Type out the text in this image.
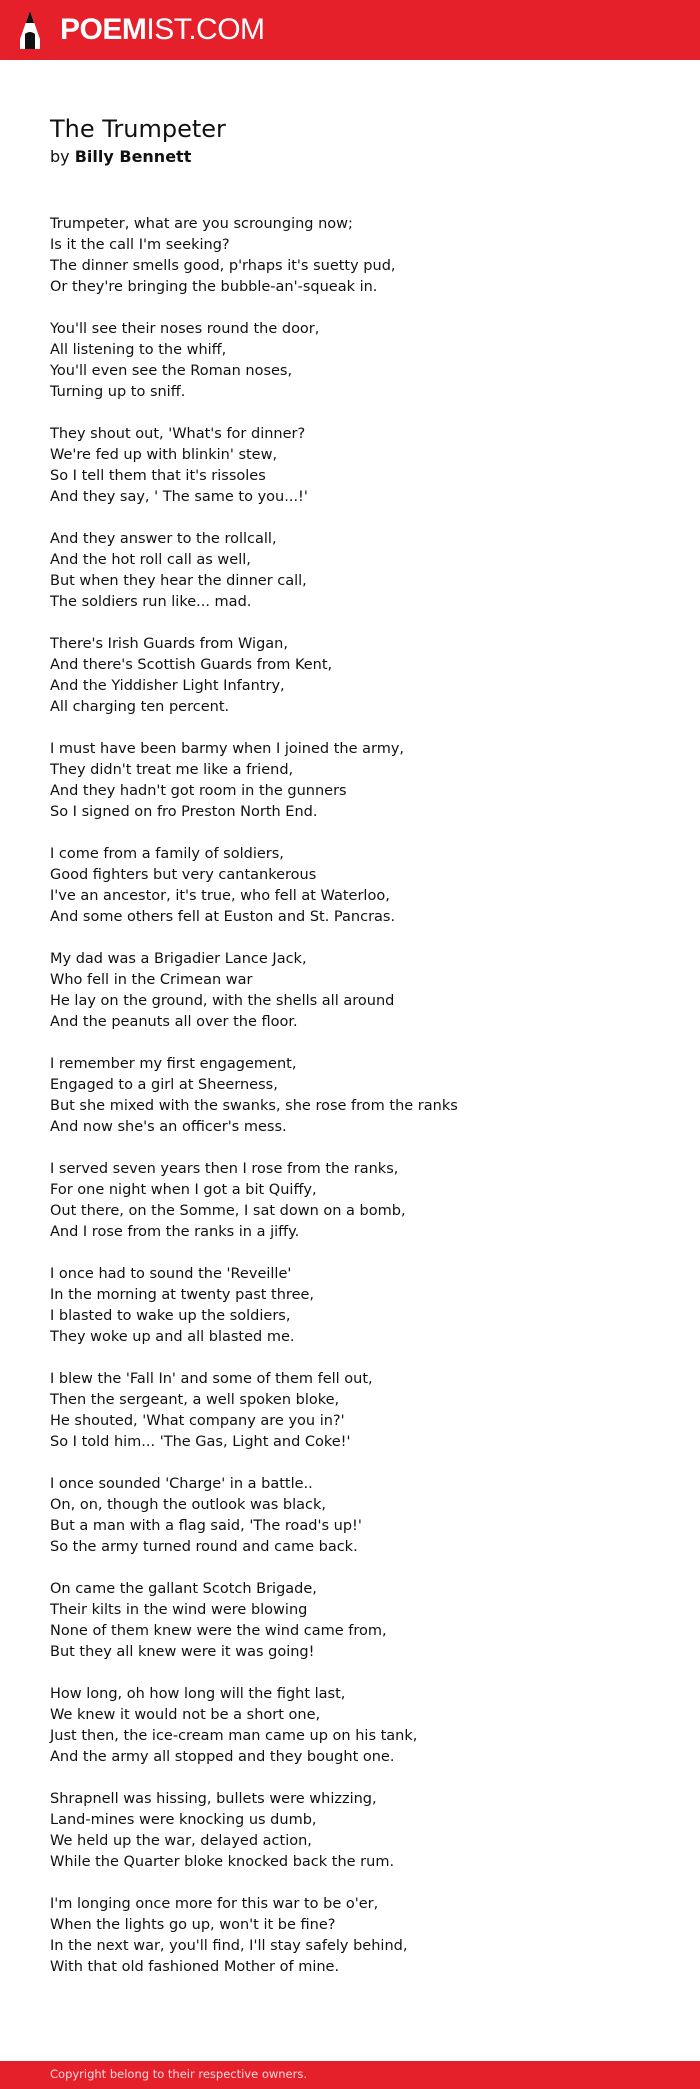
POEMIST.COM
The Trumpeter
by Billy Bennett
Trumpeter, what are you scrounging now;
Is it the call I'm seeking?
The dinner smells good, p'rhaps it's suetty pud,
Or they're bringing the bubble-an'-squeak in.
You'll see their noses round the door,
All listening to the whiff,
You'll even see the Roman noses,
Turning up to sniff.
They shout out, 'What's for dinner?
We're fed up with blinkin' stew,
So I tell them that it's rissoles
And they say, ' The same to you...!'
And they answer to the rollcall,
And the hot roll call as well,
But when they hear the dinner call,
The soldiers run like... mad.
There's Irish Guards from Wigan,
And there's Scottish Guards from Kent,
And the Yiddisher Light Infantry,
All charging ten percent.
I must have been barmy when I joined the army,
They didn't treat me like a friend,
And they hadn't got room in the gunners
So I signed on fro Preston North End.
I come from a family of soldiers,
Good fighters but very cantankerous
I've an ancestor, it's true, who fell at Waterloo,
And some others fell at Euston and St. Pancras.
My dad was a Brigadier Lance Jack,
Who fell in the Crimean war
He lay on the ground, with the shells all around
And the peanuts all over the floor.
I remember my first engagement,
Engaged to a girl at Sheerness,
But she mixed with the swanks, she rose from the ranks
And now she's an officer's mess.
I served seven years then I rose from the ranks,
For one night when I got a bit Quiffy,
Out there, on the Somme, I sat down on a bomb,
And I rose from the ranks in a jiffy.
I once had to sound the 'Reveille'
In the morning at twenty past three,
I blasted to wake up the soldiers,
They woke up and all blasted me.
I blew the 'Fall In' and some of them fell out,
Then the sergeant, a well spoken bloke,
He shouted, 'What company are you in?'
So I told him... 'The Gas, Light and Coke!'
I once sounded 'Charge' in a battle..
On, on, though the outlook was black,
But a man with a flag said, 'The road's up!'
So the army turned round and came back.
On came the gallant Scotch Brigade,
Their kilts in the wind were blowing
None of them knew were the wind came from,
But they all knew were it was going!
How long, oh how long will the fight last,
We knew it would not be a short one,
Just then, the ice-cream man came up on his tank,
And the army all stopped and they bought one.
Shrapnell was hissing, bullets were whizzing,
Land-mines were knocking us dumb,
We held up the war, delayed action,
While the Quarter bloke knocked back the rum.
I'm longing once more for this war to be o'er,
When the lights go up, won't it be fine?
In the next war, you'll find, I'll stay safely behind,
With that old fashioned Mother of mine.
Copyright belong to their respective owners.
